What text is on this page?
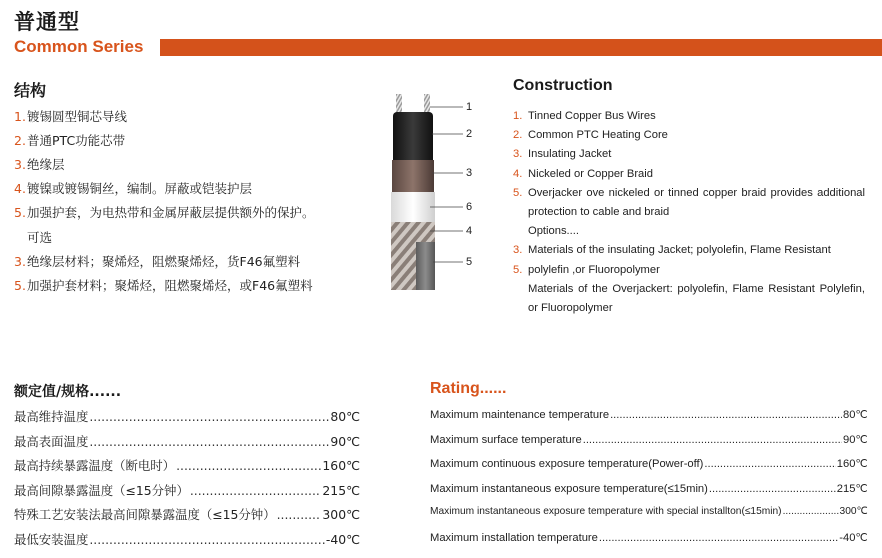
普通型
Common Series
结构	Construction
1. 镀锡圆型铜芯导线
2. 普通PTC功能芯带
3. 绝缘层
4. 镀镍或镀锡铜丝，编制。屏蔽或铠装护层
5. 加强护套，为电热带和金属屏蔽层提供额外的保护。
可选
3. 绝缘层材料；聚烯烃，阻燃聚烯烃，货F46氟塑料
5. 加强护套材料；聚烯烃，阻燃聚烯烃，或F46氟塑料
1
2
3
6
4
5
1. Tinned Copper Bus Wires
2. Common PTC Heating Core
3. Insulating Jacket
4. Nickeled or Copper Braid
5. Overjacker ove nickeled or tinned copper braid provides additional protection to cable and braid
Options....
3. Materials of the insulating Jacket; polyolefin, Flame Resistant
5. polylefin ,or Fluoropolymer
Materials of the Overjackert: polyolefin, Flame Resistant Polylefin, or Fluoropolymer
额定值/规格......	Rating......
最高维持温度 .....	80℃
最高表面温度 .....	90℃
最高持续暴露温度（断电时） .....	160℃
最高间隙暴露温度（≤15分钟） .....	215℃
特殊工艺安装法最高间隙暴露温度（≤15分钟） .....	300℃
最低安装温度 .....	-40℃
Maximum maintenance temperature .....	80℃
Maximum surface temperature .....	90℃
Maximum continuous exposure temperature(Power-off) .....	160℃
Maximum instantaneous exposure temperature(≤15min) .....	215℃
Maximum instantaneous exposure temperature with special installton(≤15min) .....	300℃
Maximum installation temperature .....	-40℃
